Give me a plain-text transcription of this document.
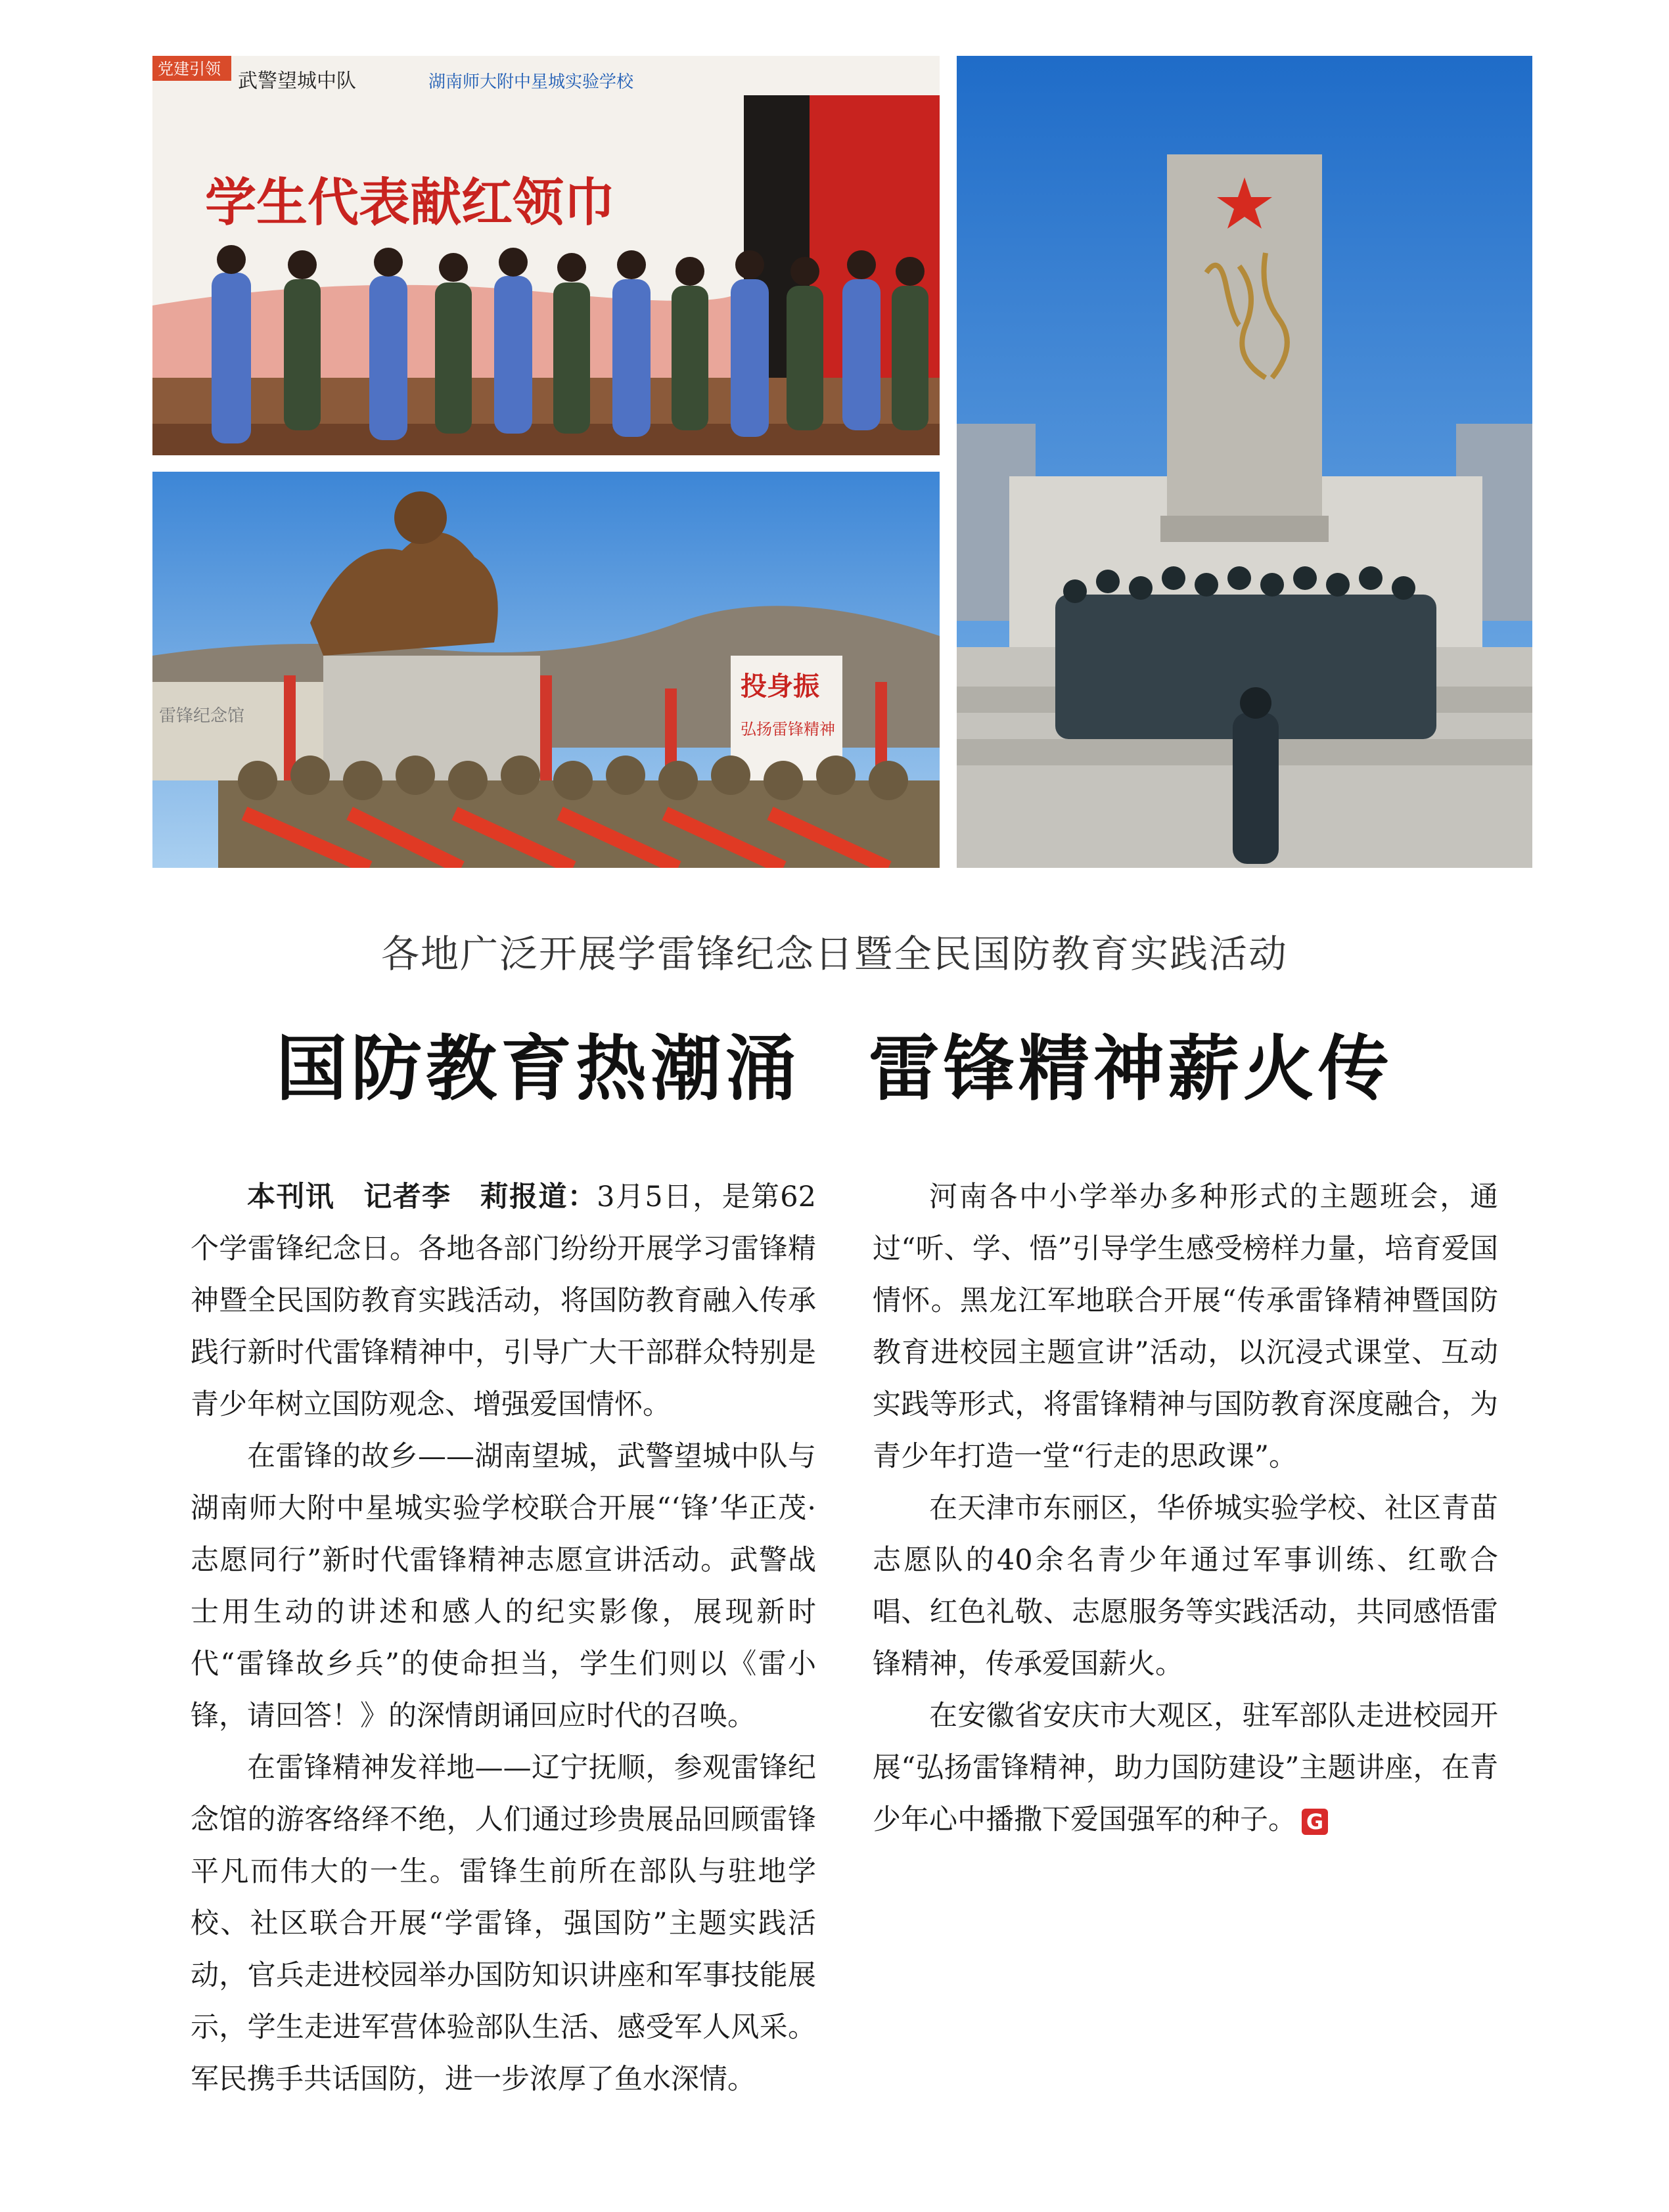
党建引领
武警望城中队	湖南师大附中星城实验学校
学生代表献红领巾
雷锋纪念馆
投身振
弘扬雷锋精神
各地广泛开展学雷锋纪念日暨全民国防教育实践活动
国防教育热潮涌 雷锋精神薪火传

本刊讯　记者李　莉报道：3月5日，是第62个学雷锋纪念日。各地各部门纷纷开展学习雷锋精神暨全民国防教育实践活动，将国防教育融入传承践行新时代雷锋精神中，引导广大干部群众特别是青少年树立国防观念、增强爱国情怀。

在雷锋的故乡——湖南望城，武警望城中队与湖南师大附中星城实验学校联合开展“‘锋’华正茂·志愿同行”新时代雷锋精神志愿宣讲活动。武警战士用生动的讲述和感人的纪实影像，展现新时代“雷锋故乡兵”的使命担当，学生们则以《雷小锋，请回答！》的深情朗诵回应时代的召唤。

在雷锋精神发祥地——辽宁抚顺，参观雷锋纪念馆的游客络绎不绝，人们通过珍贵展品回顾雷锋平凡而伟大的一生。雷锋生前所在部队与驻地学校、社区联合开展“学雷锋，强国防”主题实践活动，官兵走进校园举办国防知识讲座和军事技能展示，学生走进军营体验部队生活、感受军人风采。军民携手共话国防，进一步浓厚了鱼水深情。

河南各中小学举办多种形式的主题班会，通过“听、学、悟”引导学生感受榜样力量，培育爱国情怀。黑龙江军地联合开展“传承雷锋精神暨国防教育进校园主题宣讲”活动，以沉浸式课堂、互动实践等形式，将雷锋精神与国防教育深度融合，为青少年打造一堂“行走的思政课”。

在天津市东丽区，华侨城实验学校、社区青苗志愿队的40余名青少年通过军事训练、红歌合唱、红色礼敬、志愿服务等实践活动，共同感悟雷锋精神，传承爱国薪火。

在安徽省安庆市大观区，驻军部队走进校园开展“弘扬雷锋精神，助力国防建设”主题讲座，在青少年心中播撒下爱国强军的种子。 G
